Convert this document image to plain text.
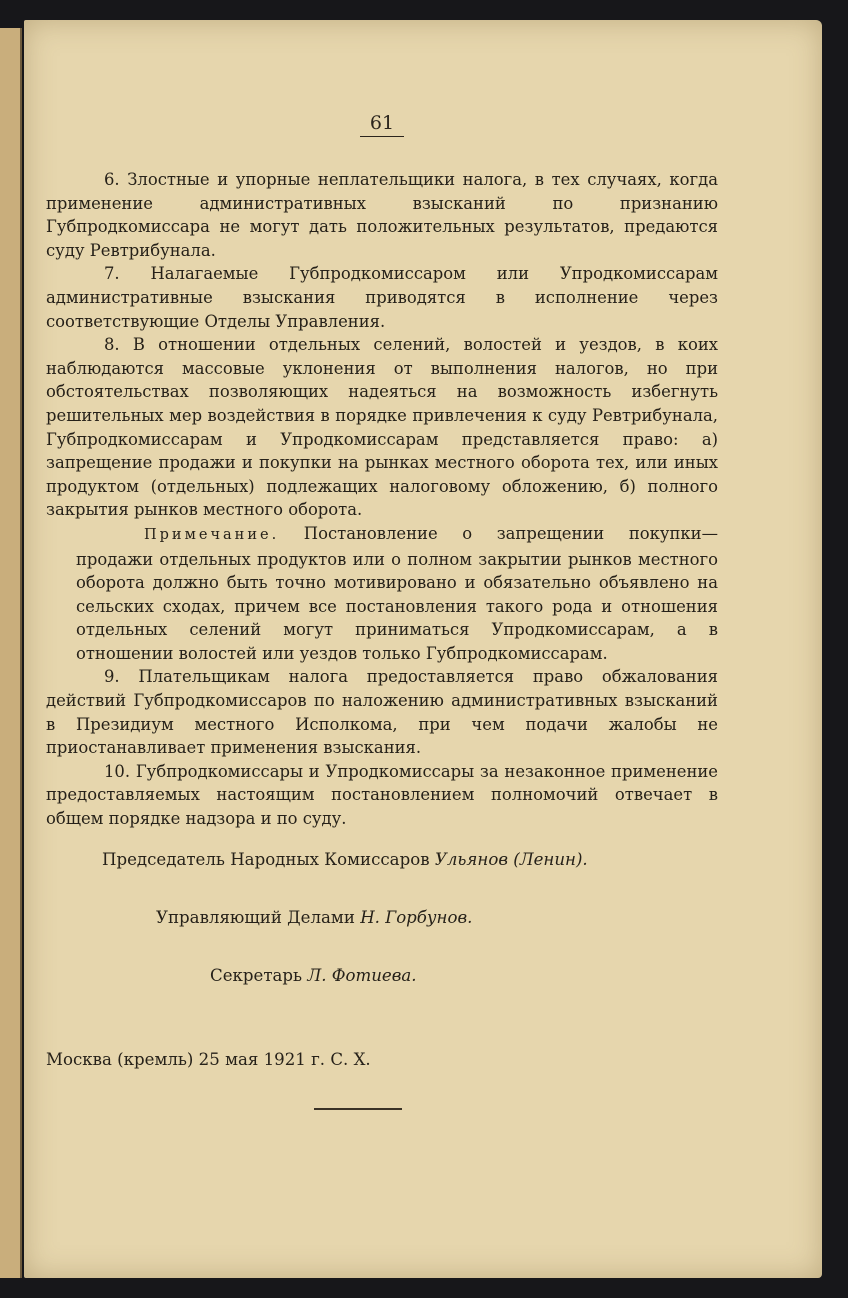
61

6. Злостные и упорные неплательщики налога, в тех случаях, когда применение административных взысканий по признанию Губпродкомиссара не могут дать положительных результатов, предаются суду Ревтрибунала.

7. Налагаемые Губпродкомиссаром или Упродкомиссарам административные взыскания приводятся в исполнение через соответствующие Отделы Управления.

8. В отношении отдельных селений, волостей и уездов, в коих наблюдаются массовые уклонения от выполнения налогов, но при обстоятельствах позволяющих надеяться на возможность избегнуть решительных мер воздействия в порядке привлечения к суду Ревтрибунала, Губпродкомиссарам и Упродкомиссарам представляется право: а) запрещение продажи и покупки на рынках местного оборота тех, или иных продуктом (отдельных) подлежащих налоговому обложению, б) полного закрытия рынков местного оборота.

Примечание. Постановление о запрещении покупки— продажи отдельных продуктов или о полном закрытии рынков местного оборота должно быть точно мотивировано и обязательно объявлено на сельских сходах, причем все постановления такого рода и отношения отдельных селений могут приниматься Упродкомиссарам, а в отношении волостей или уездов только Губпродкомиссарам.

9. Плательщикам налога предоставляется право обжалования действий Губпродкомиссаров по наложению административных взысканий в Президиум местного Исполкома, при чем подачи жалобы не приостанавливает применения взыскания.

10. Губпродкомиссары и Упродкомиссары за незаконное применение предоставляемых настоящим постановлением полномочий отвечает в общем порядке надзора и по суду.

Председатель Народных Комиссаров Ульянов (Ленин).
Управляющий Делами Н. Горбунов.
Секретарь Л. Фотиева.
Москва (кремль) 25 мая 1921 г. С. Х.
